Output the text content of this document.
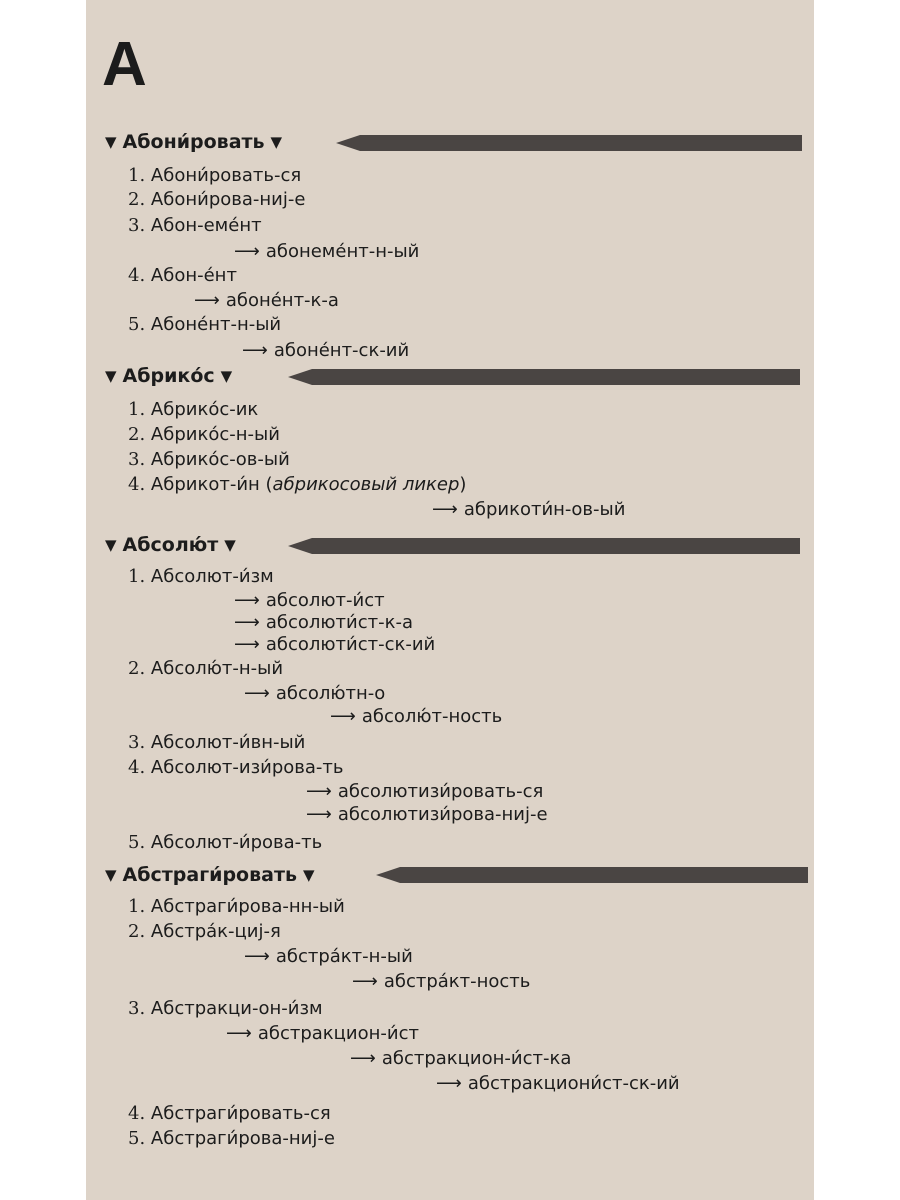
А
▼ Абони́ровать ▼
1. Абони́ровать-ся
2. Абони́рова-ниj-е
3. Абон-еме́нт
⟶ абонеме́нт-н-ый
4. Абон-е́нт
⟶ абоне́нт-к-а
5. Абоне́нт-н-ый
⟶ абоне́нт-ск-ий
▼ Абрико́с ▼
1. Абрико́с-ик
2. Абрико́с-н-ый
3. Абрико́с-ов-ый
4. Абрикот-и́н (абрикосовый ликер)
⟶ абрикоти́н-ов-ый
▼ Абсолю́т ▼
1. Абсолют-и́зм
⟶ абсолют-и́ст
⟶ абсолюти́ст-к-а
⟶ абсолюти́ст-ск-ий
2. Абсолю́т-н-ый
⟶ абсолю́тн-о
⟶ абсолю́т-ность
3. Абсолют-и́вн-ый
4. Абсолют-изи́рова-ть
⟶ абсолютизи́ровать-ся
⟶ абсолютизи́рова-ниj-е
5. Абсолют-и́рова-ть
▼ Абстраги́ровать ▼
1. Абстраги́рова-нн-ый
2. Абстра́к-циj-я
⟶ абстра́кт-н-ый
⟶ абстра́кт-ность
3. Абстракци-он-и́зм
⟶ абстракцион-и́ст
⟶ абстракцион-и́ст-ка
⟶ абстракциони́ст-ск-ий
4. Абстраги́ровать-ся
5. Абстраги́рова-ниj-е
